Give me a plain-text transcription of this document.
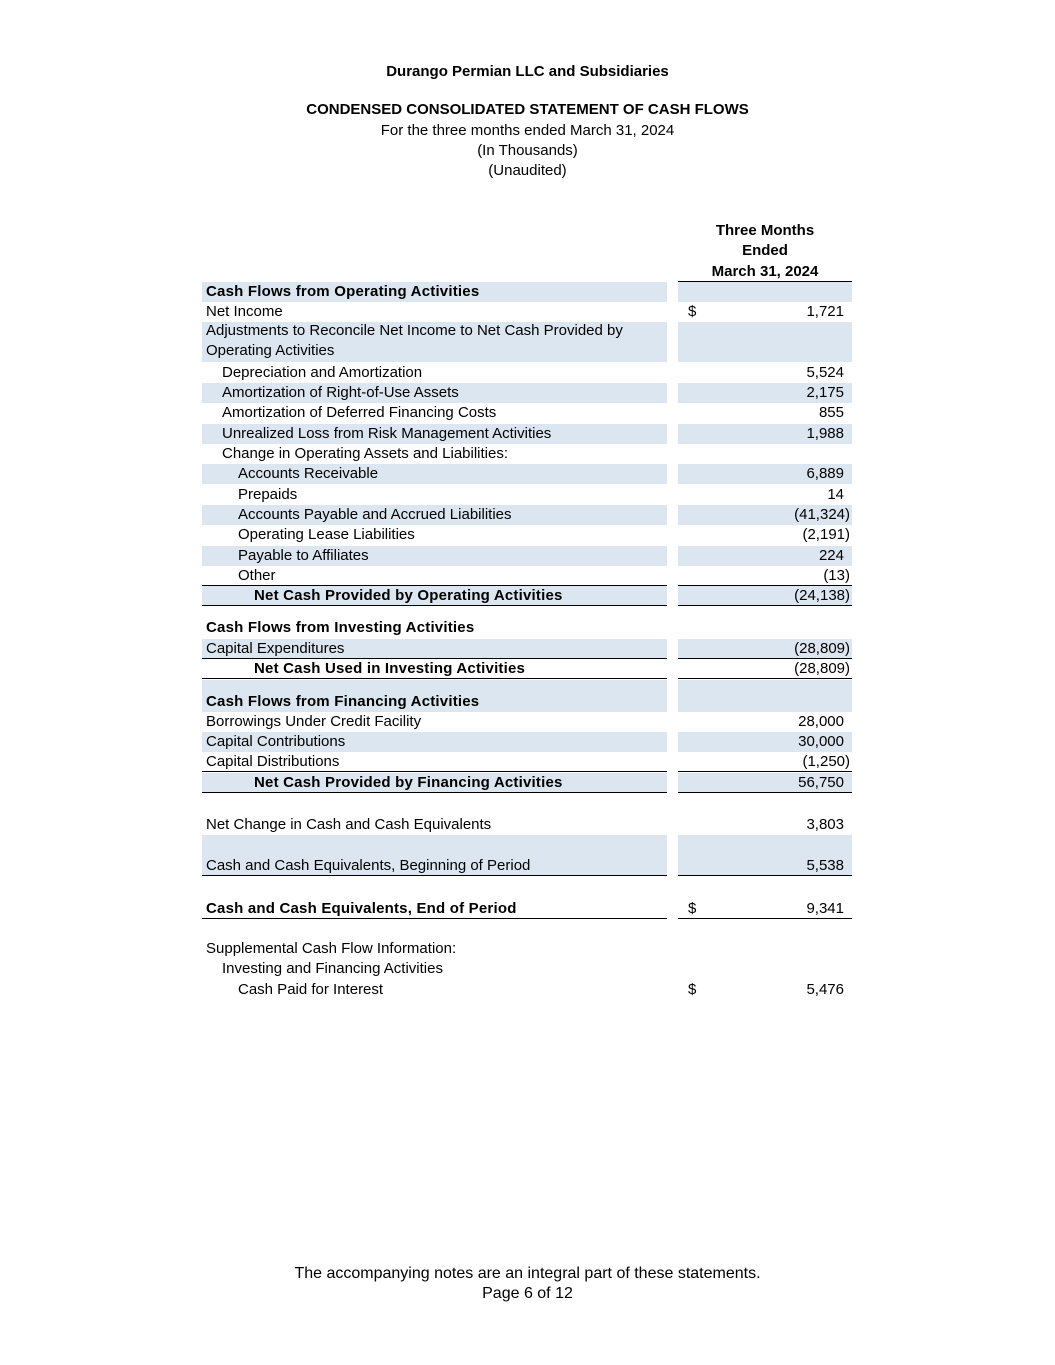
Durango Permian LLC and Subsidiaries
CONDENSED CONSOLIDATED STATEMENT OF CASH FLOWS
For the three months ended March 31, 2024
(In Thousands)
(Unaudited)
Three Months
Ended
March 31, 2024
Cash Flows from Operating Activities
Net Income	$	1,721
Adjustments to Reconcile Net Income to Net Cash Provided by Operating Activities
Depreciation and Amortization	5,524
Amortization of Right-of-Use Assets	2,175
Amortization of Deferred Financing Costs	855
Unrealized Loss from Risk Management Activities	1,988
Change in Operating Assets and Liabilities:
Accounts Receivable	6,889
Prepaids	14
Accounts Payable and Accrued Liabilities	(41,324)
Operating Lease Liabilities	(2,191)
Payable to Affiliates	224
Other	(13)
Net Cash Provided by Operating Activities	(24,138)
Cash Flows from Investing Activities
Capital Expenditures	(28,809)
Net Cash Used in Investing Activities	(28,809)
Cash Flows from Financing Activities
Borrowings Under Credit Facility	28,000
Capital Contributions	30,000
Capital Distributions	(1,250)
Net Cash Provided by Financing Activities	56,750
Net Change in Cash and Cash Equivalents	3,803
Cash and Cash Equivalents, Beginning of Period	5,538
Cash and Cash Equivalents, End of Period	$	9,341
Supplemental Cash Flow Information:
Investing and Financing Activities
Cash Paid for Interest	$	5,476
The accompanying notes are an integral part of these statements.
Page 6 of 12
